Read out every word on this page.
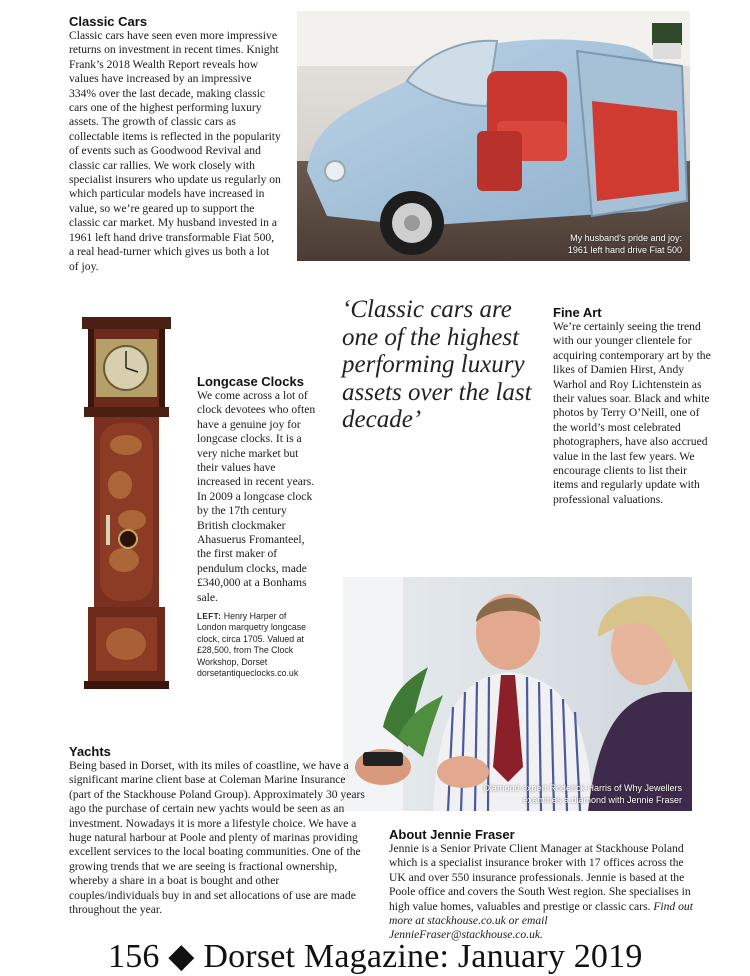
Classic Cars
Classic cars have seen even more impressive returns on investment in recent times. Knight Frank’s 2018 Wealth Report reveals how values have increased by an impressive 334% over the last decade, making classic cars one of the highest performing luxury assets. The growth of classic cars as collectable items is reflected in the popularity of events such as Goodwood Revival and classic car rallies. We work closely with specialist insurers who update us regularly on which particular models have increased in value, so we’re geared up to support the classic car market. My husband invested in a 1961 left hand drive transformable Fiat 500, a real head-turner which gives us both a lot of joy.
My husband’s pride and joy:
1961 left hand drive Fiat 500
Longcase Clocks
We come across a lot of clock devotees who often have a genuine joy for longcase clocks. It is a very niche market but their values have increased in recent years. In 2009 a longcase clock by the 17th century British clockmaker Ahasuerus Fromanteel, the first maker of pendulum clocks, made £340,000 at a Bonhams sale.
LEFT: Henry Harper of London marquetry longcase clock, circa 1705. Valued at £28,500, from The Clock Workshop, Dorset dorsetantiqueclocks.co.uk
‘Classic cars are one of the highest performing luxury assets over the last decade’
Fine Art
We’re certainly seeing the trend with our younger clientele for acquiring contemporary art by the likes of Damien Hirst, Andy Warhol and Roy Lichtenstein as their values soar. Black and white photos by Terry O’Neill, one of the world’s most celebrated photographers, have also accrued value in the last few years. We encourage clients to list their items and regularly update with professional valuations.
Diamond expert Roderick Harris of Why Jewellers
examines a diamond with Jennie Fraser
Yachts
Being based in Dorset, with its miles of coastline, we have a significant marine client base at Coleman Marine Insurance (part of the Stackhouse Poland Group). Approximately 30 years ago the purchase of certain new yachts would be seen as an investment. Nowadays it is more a lifestyle choice. We have a huge natural harbour at Poole and plenty of marinas providing excellent services to the local boating communities. One of the growing trends that we are seeing is fractional ownership, whereby a share in a boat is bought and other couples/individuals buy in and set allocations of use are made throughout the year.
About Jennie Fraser
Jennie is a Senior Private Client Manager at Stackhouse Poland which is a specialist insurance broker with 17 offices across the UK and over 550 insurance professionals. Jennie is based at the Poole office and covers the South West region. She specialises in high value homes, valuables and prestige or classic cars. Find out more at stackhouse.co.uk or email JennieFraser@stackhouse.co.uk.
156 ◆ Dorset Magazine: January 2019
